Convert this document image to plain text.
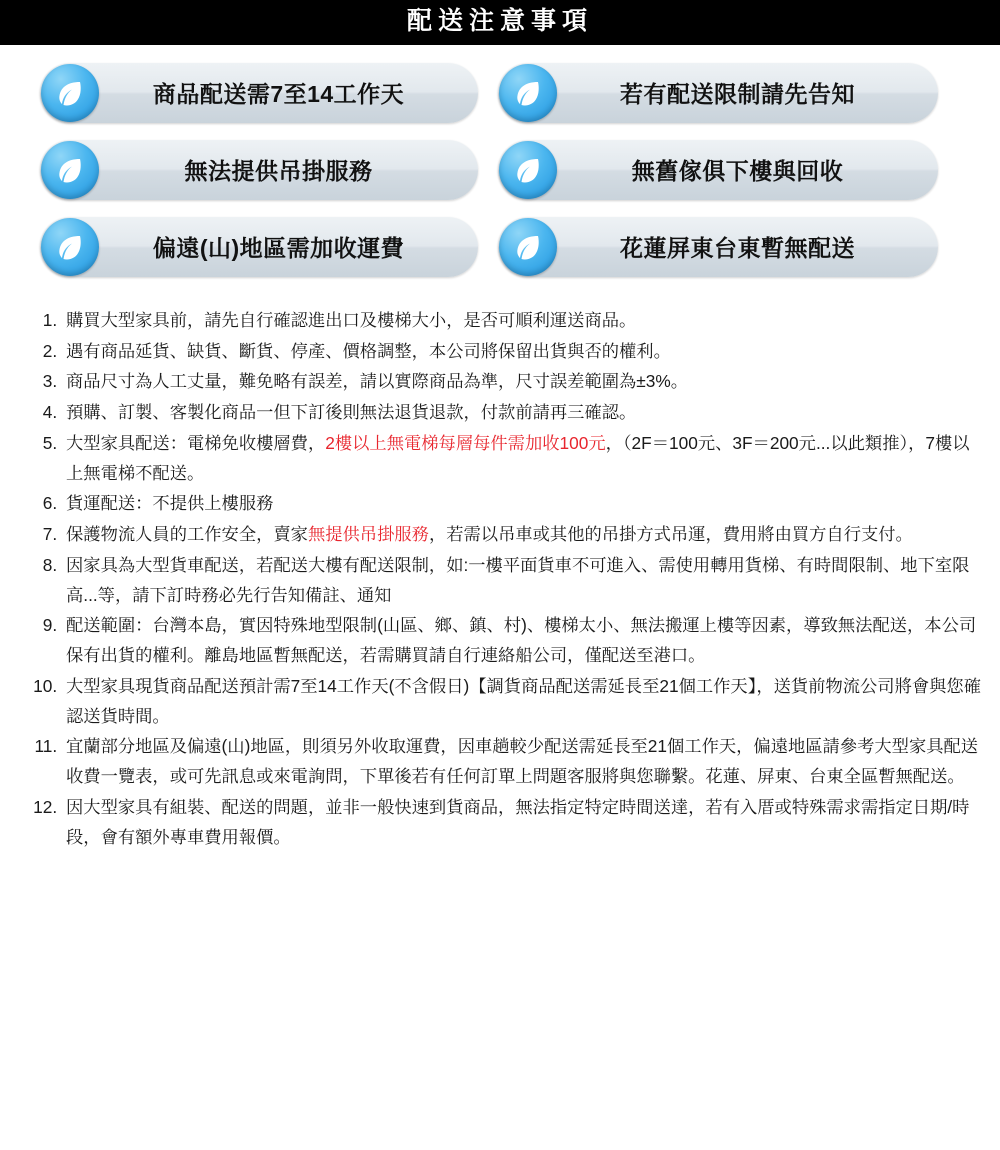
配送注意事項
商品配送需7至14工作天	若有配送限制請先告知
無法提供吊掛服務	無舊傢俱下樓與回收
偏遠(山)地區需加收運費	花蓮屏東台東暫無配送
1. 購買大型家具前，請先自行確認進出口及樓梯大小，是否可順利運送商品。
2. 遇有商品延貨、缺貨、斷貨、停產、價格調整，本公司將保留出貨與否的權利。
3. 商品尺寸為人工丈量，難免略有誤差，請以實際商品為準，尺寸誤差範圍為±3%。
4. 預購、訂製、客製化商品一但下訂後則無法退貨退款，付款前請再三確認。
5. 大型家具配送：電梯免收樓層費，2樓以上無電梯每層每件需加收100元，（2F＝100元、3F＝200元...以此類推），7樓以上無電梯不配送。
6. 貨運配送：不提供上樓服務
7. 保護物流人員的工作安全，賣家無提供吊掛服務，若需以吊車或其他的吊掛方式吊運，費用將由買方自行支付。
8. 因家具為大型貨車配送，若配送大樓有配送限制，如:一樓平面貨車不可進入、需使用轉用貨梯、有時間限制、地下室限高...等，請下訂時務必先行告知備註、通知
9. 配送範圍：台灣本島，實因特殊地型限制(山區、鄉、鎮、村)、樓梯太小、無法搬運上樓等因素，導致無法配送，本公司保有出貨的權利。離島地區暫無配送，若需購買請自行連絡船公司，僅配送至港口。
10. 大型家具現貨商品配送預計需7至14工作天(不含假日)【調貨商品配送需延長至21個工作天】，送貨前物流公司將會與您確認送貨時間。
11. 宜蘭部分地區及偏遠(山)地區，則須另外收取運費，因車趟較少配送需延長至21個工作天，偏遠地區請參考大型家具配送收費一覽表，或可先訊息或來電詢問，下單後若有任何訂單上問題客服將與您聯繫。花蓮、屏東、台東全區暫無配送。
12. 因大型家具有組裝、配送的問題，並非一般快速到貨商品，無法指定特定時間送達，若有入厝或特殊需求需指定日期/時段，會有額外專車費用報價。
